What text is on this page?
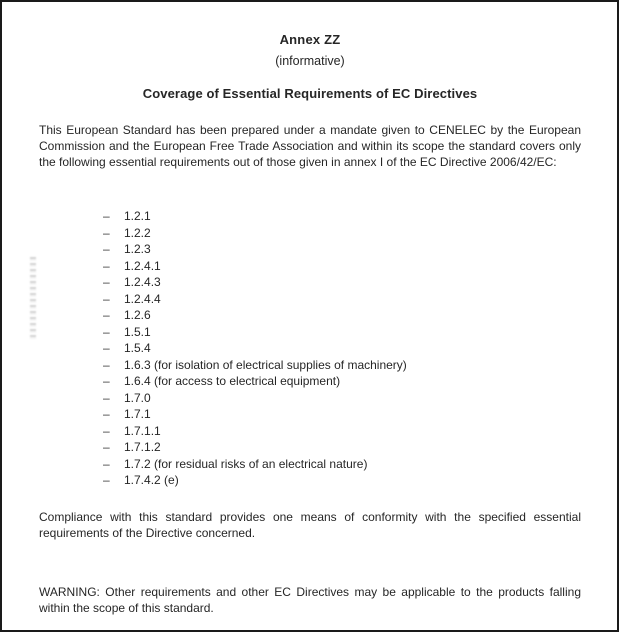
Annex ZZ
(informative)
Coverage of Essential Requirements of EC Directives
This European Standard has been prepared under a mandate given to CENELEC by the European Commission and the European Free Trade Association and within its scope the standard covers only the following essential requirements out of those given in annex I of the EC Directive 2006/42/EC:
– 1.2.1
– 1.2.2
– 1.2.3
– 1.2.4.1
– 1.2.4.3
– 1.2.4.4
– 1.2.6
– 1.5.1
– 1.5.4
– 1.6.3 (for isolation of electrical supplies of machinery)
– 1.6.4 (for access to electrical equipment)
– 1.7.0
– 1.7.1
– 1.7.1.1
– 1.7.1.2
– 1.7.2 (for residual risks of an electrical nature)
– 1.7.4.2 (e)
Compliance with this standard provides one means of conformity with the specified essential requirements of the Directive concerned.
WARNING: Other requirements and other EC Directives may be applicable to the products falling within the scope of this standard.
